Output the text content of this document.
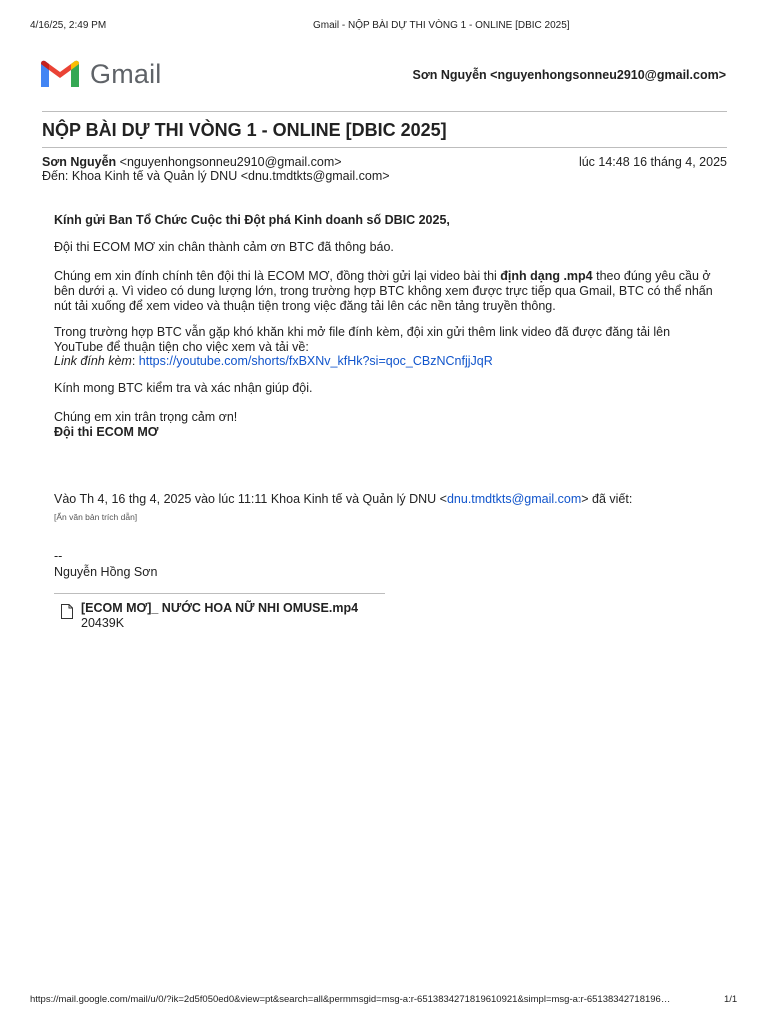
4/16/25, 2:49 PM	Gmail - NỘP BÀI DỰ THI VÒNG 1 - ONLINE [DBIC 2025]
Gmail	Sơn Nguyễn <nguyenhongsonneu2910@gmail.com>
NỘP BÀI DỰ THI VÒNG 1 - ONLINE [DBIC 2025]
Sơn Nguyễn <nguyenhongsonneu2910@gmail.com>	lúc 14:48 16 tháng 4, 2025
Đến: Khoa Kinh tế và Quản lý DNU <dnu.tmdtkts@gmail.com>
Kính gửi Ban Tổ Chức Cuộc thi Đột phá Kinh doanh số DBIC 2025,
Đội thi ECOM MƠ xin chân thành cảm ơn BTC đã thông báo.
Chúng em xin đính chính tên đội thi là ECOM MƠ, đồng thời gửi lại video bài thi định dạng .mp4 theo đúng yêu cầu ở bên dưới ạ. Vì video có dung lượng lớn, trong trường hợp BTC không xem được trực tiếp qua Gmail, BTC có thể nhấn nút tải xuống để xem video và thuận tiện trong việc đăng tải lên các nền tảng truyền thông.
Trong trường hợp BTC vẫn gặp khó khăn khi mở file đính kèm, đội xin gửi thêm link video đã được đăng tải lên YouTube để thuận tiện cho việc xem và tải về:
Link đính kèm: https://youtube.com/shorts/fxBXNv_kfHk?si=qoc_CBzNCnfjjJqR
Kính mong BTC kiểm tra và xác nhận giúp đội.
Chúng em xin trân trọng cảm ơn!
Đội thi ECOM MƠ
Vào Th 4, 16 thg 4, 2025 vào lúc 11:11 Khoa Kinh tế và Quản lý DNU <dnu.tmdtkts@gmail.com> đã viết:
[Ẩn văn bản trích dẫn]
--
Nguyễn Hồng Sơn
[ECOM MƠ]_ NƯỚC HOA NỮ NHI OMUSE.mp4
20439K
https://mail.google.com/mail/u/0/?ik=2d5f050ed0&view=pt&search=all&permmsgid=msg-a:r-6513834271819610921&simpl=msg-a:r-65138342718196…	1/1
